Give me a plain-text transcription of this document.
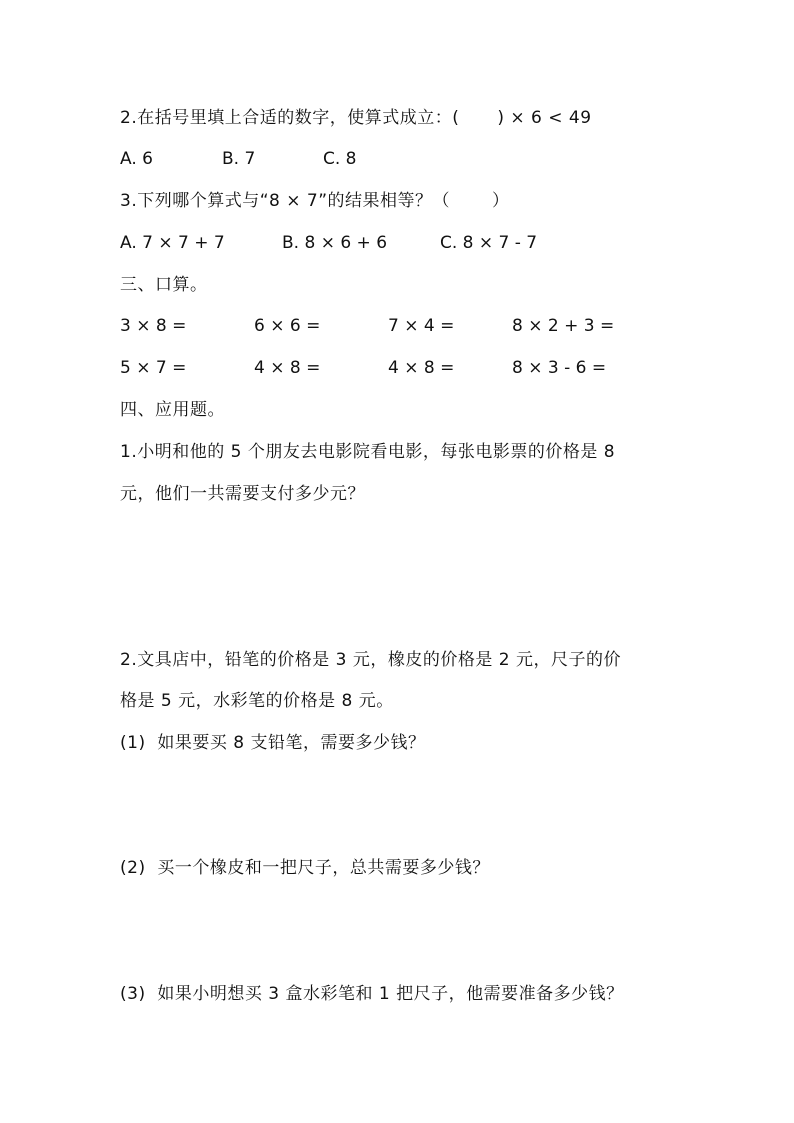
2.在括号里填上合适的数字，使算式成立：( ) × 6 < 49
A. 6	B. 7	C. 8
3.下列哪个算式与“8 × 7”的结果相等？（ ）
A. 7 × 7 + 7	B. 8 × 6 + 6	C. 8 × 7 - 7
三、口算。
3 × 8 =	6 × 6 =	7 × 4 =	8 × 2 + 3 =
5 × 7 =	4 × 8 =	4 × 8 =	8 × 3 - 6 =
四、应用题。
1.小明和他的 5 个朋友去电影院看电影，每张电影票的价格是 8
元，他们一共需要支付多少元？
2.文具店中，铅笔的价格是 3 元，橡皮的价格是 2 元，尺子的价
格是 5 元，水彩笔的价格是 8 元。
(1)  如果要买 8 支铅笔，需要多少钱？
(2)  买一个橡皮和一把尺子，总共需要多少钱？
(3)  如果小明想买 3 盒水彩笔和 1 把尺子，他需要准备多少钱？
